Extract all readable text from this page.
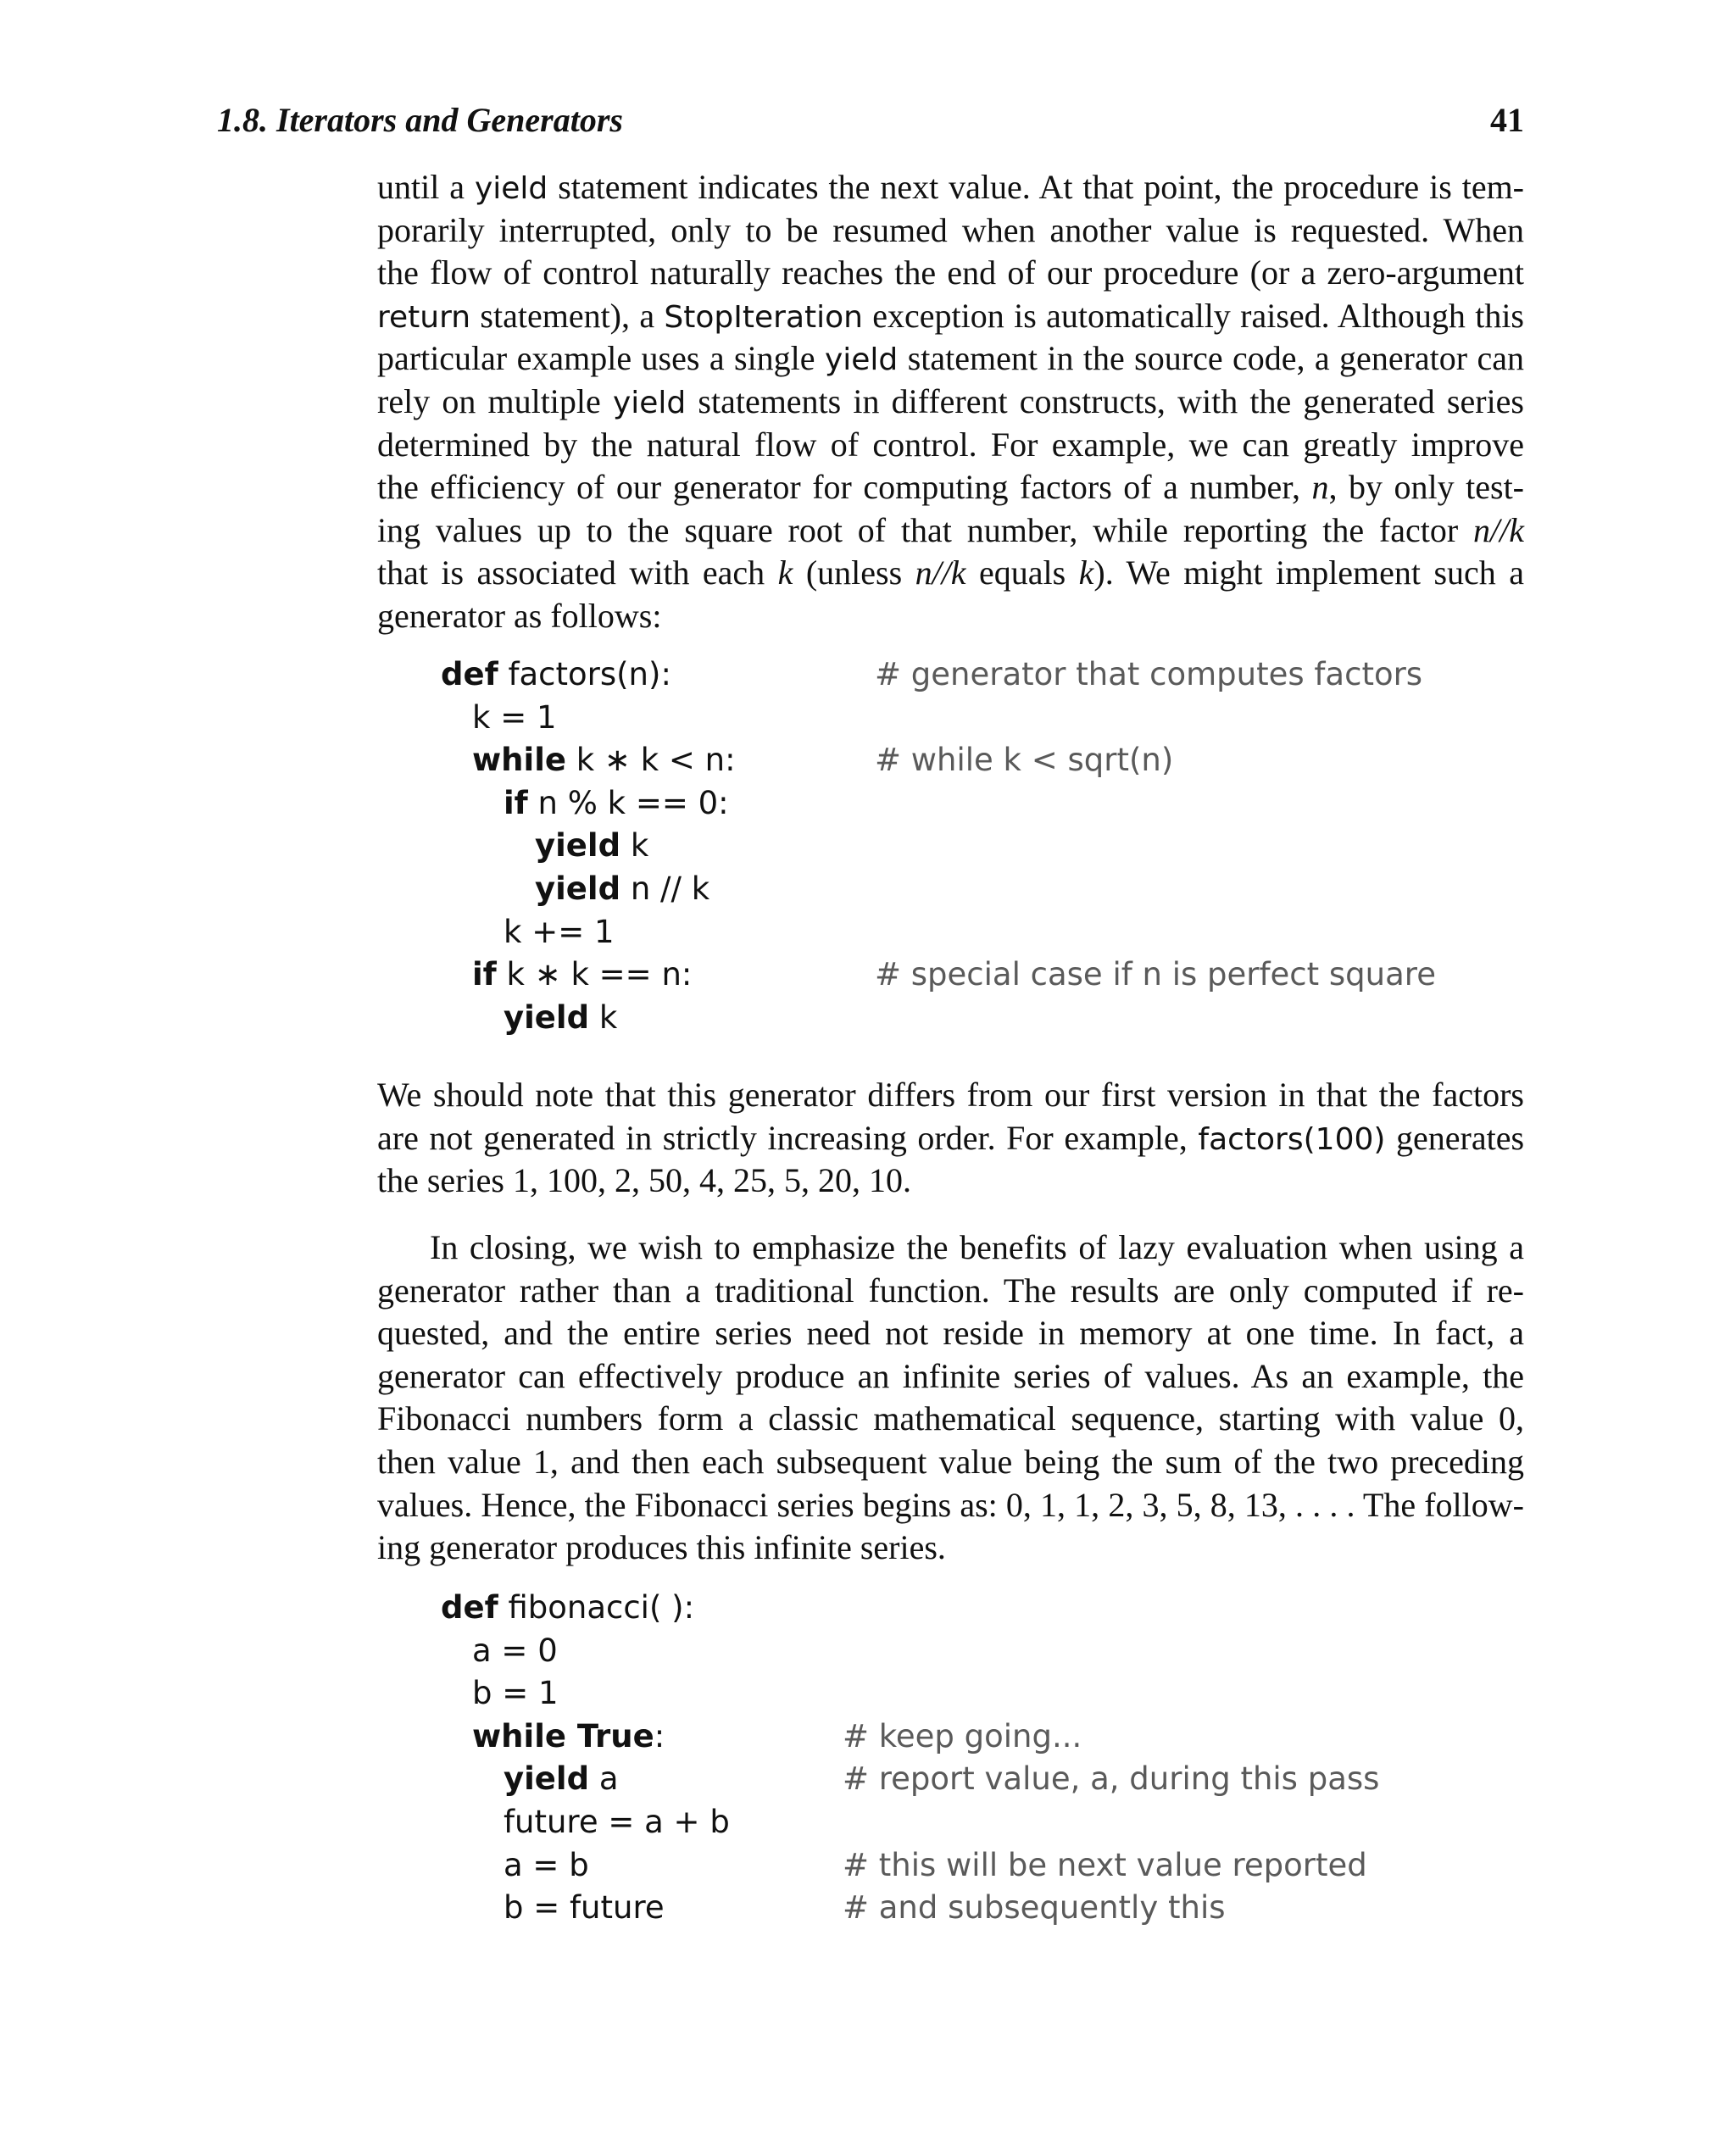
1.8. Iterators and Generators	41
until a yield statement indicates the next value. At that point, the procedure is tem-
porarily interrupted, only to be resumed when another value is requested. When
the flow of control naturally reaches the end of our procedure (or a zero-argument
return statement), a StopIteration exception is automatically raised. Although this
particular example uses a single yield statement in the source code, a generator can
rely on multiple yield statements in different constructs, with the generated series
determined by the natural flow of control. For example, we can greatly improve
the efficiency of our generator for computing factors of a number, n, by only test-
ing values up to the square root of that number, while reporting the factor n//k
that is associated with each k (unless n//k equals k). We might implement such a
generator as follows:
def factors(n):	# generator that computes factors
k = 1
while k ∗ k < n:	# while k < sqrt(n)
if n % k == 0:
yield k
yield n // k
k += 1
if k ∗ k == n:	# special case if n is perfect square
yield k
We should note that this generator differs from our first version in that the factors
are not generated in strictly increasing order. For example, factors(100) generates
the series 1, 100, 2, 50, 4, 25, 5, 20, 10.
In closing, we wish to emphasize the benefits of lazy evaluation when using a
generator rather than a traditional function. The results are only computed if re-
quested, and the entire series need not reside in memory at one time. In fact, a
generator can effectively produce an infinite series of values. As an example, the
Fibonacci numbers form a classic mathematical sequence, starting with value 0,
then value 1, and then each subsequent value being the sum of the two preceding
values. Hence, the Fibonacci series begins as: 0, 1, 1, 2, 3, 5, 8, 13, . . . . The follow-
ing generator produces this infinite series.
def fibonacci( ):
a = 0
b = 1
while True:	# keep going...
yield a	# report value, a, during this pass
future = a + b
a = b	# this will be next value reported
b = future	# and subsequently this
